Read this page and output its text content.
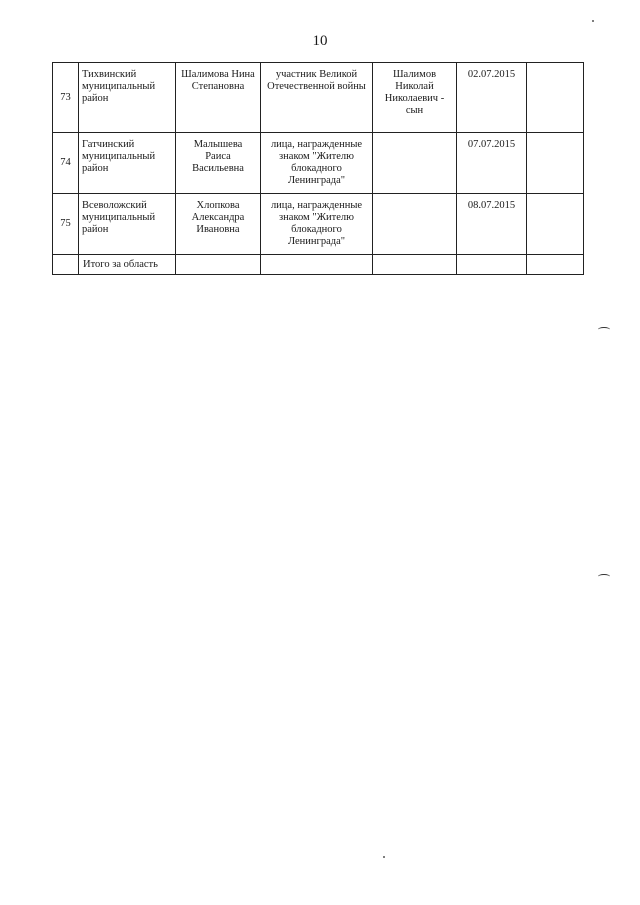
10
73	Тихвинский муниципальный район	Шалимова Нина Степановна	участник Великой Отечественной войны	Шалимов Николай Николаевич - сын	02.07.2015	
74	Гатчинский муниципальный район	Малышева Раиса Васильевна	лица, награжденные знаком "Жителю блокадного Ленинграда"		07.07.2015	
75	Всеволожский муниципальный район	Хлопкова Александра Ивановна	лица, награжденные знаком "Жителю блокадного Ленинграда"		08.07.2015	
	Итого за область					
